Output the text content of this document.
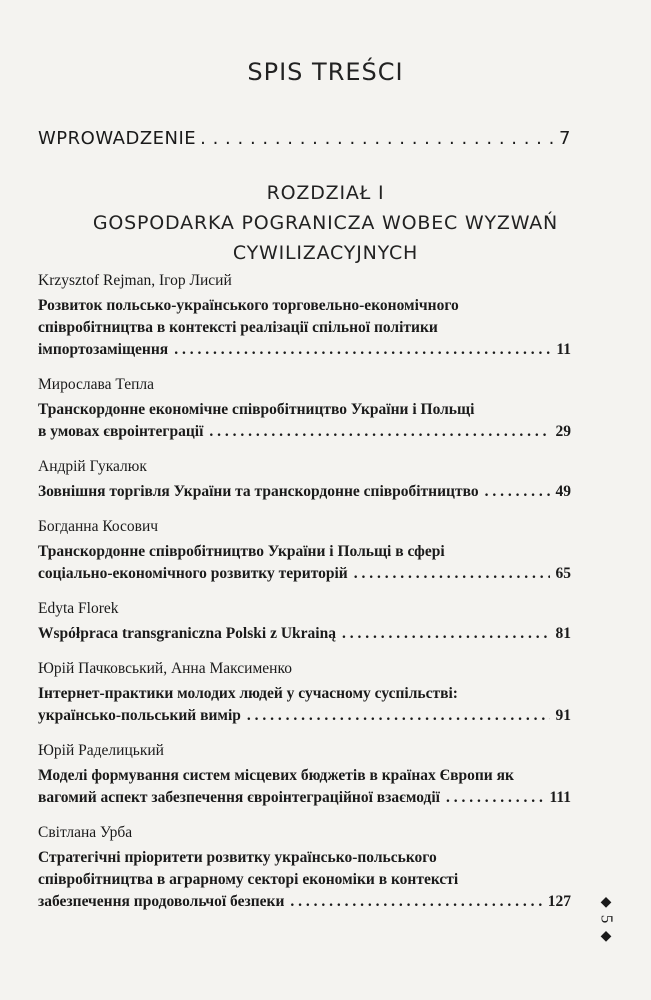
SPIS TREŚCI
WPROWADZENIE . . .	7
ROZDZIAŁ I
GOSPODARKA POGRANICZA WOBEC WYZWAŃ CYWILIZACYJNYCH
Krzysztof Rejman, Ігор Лисий
Розвиток польсько-українського торговельно-економічного
співробітництва в контексті реалізації спільної політики
імпортозаміщення . . .	11
Мирослава Тепла
Транскордонне економічне співробітництво України і Польщі
в умовах євроінтеграції . . .	29
Андрій Гукалюк
Зовнішня торгівля України та транскордонне співробітництво . . .	49
Богданна Косович
Транскордонне співробітництво України і Польщі в сфері
соціально-економічного розвитку територій . . .	65
Edyta Florek
Współpraca transgraniczna Polski z Ukrainą . . .	81
Юрій Пачковський, Анна Максименко
Інтернет-практики молодих людей у сучасному суспільстві:
українсько-польський вимір . . .	91
Юрій Раделицький
Моделі формування систем місцевих бюджетів в країнах Європи як
вагомий аспект забезпечення євроінтеграційної взаємодії . . .	111
Світлана Урба
Стратегічні пріоритети розвитку українсько-польського
співробітництва в аграрному секторі економіки в контексті
забезпечення продовольчої безпеки . . .	127	◆
5
◆
